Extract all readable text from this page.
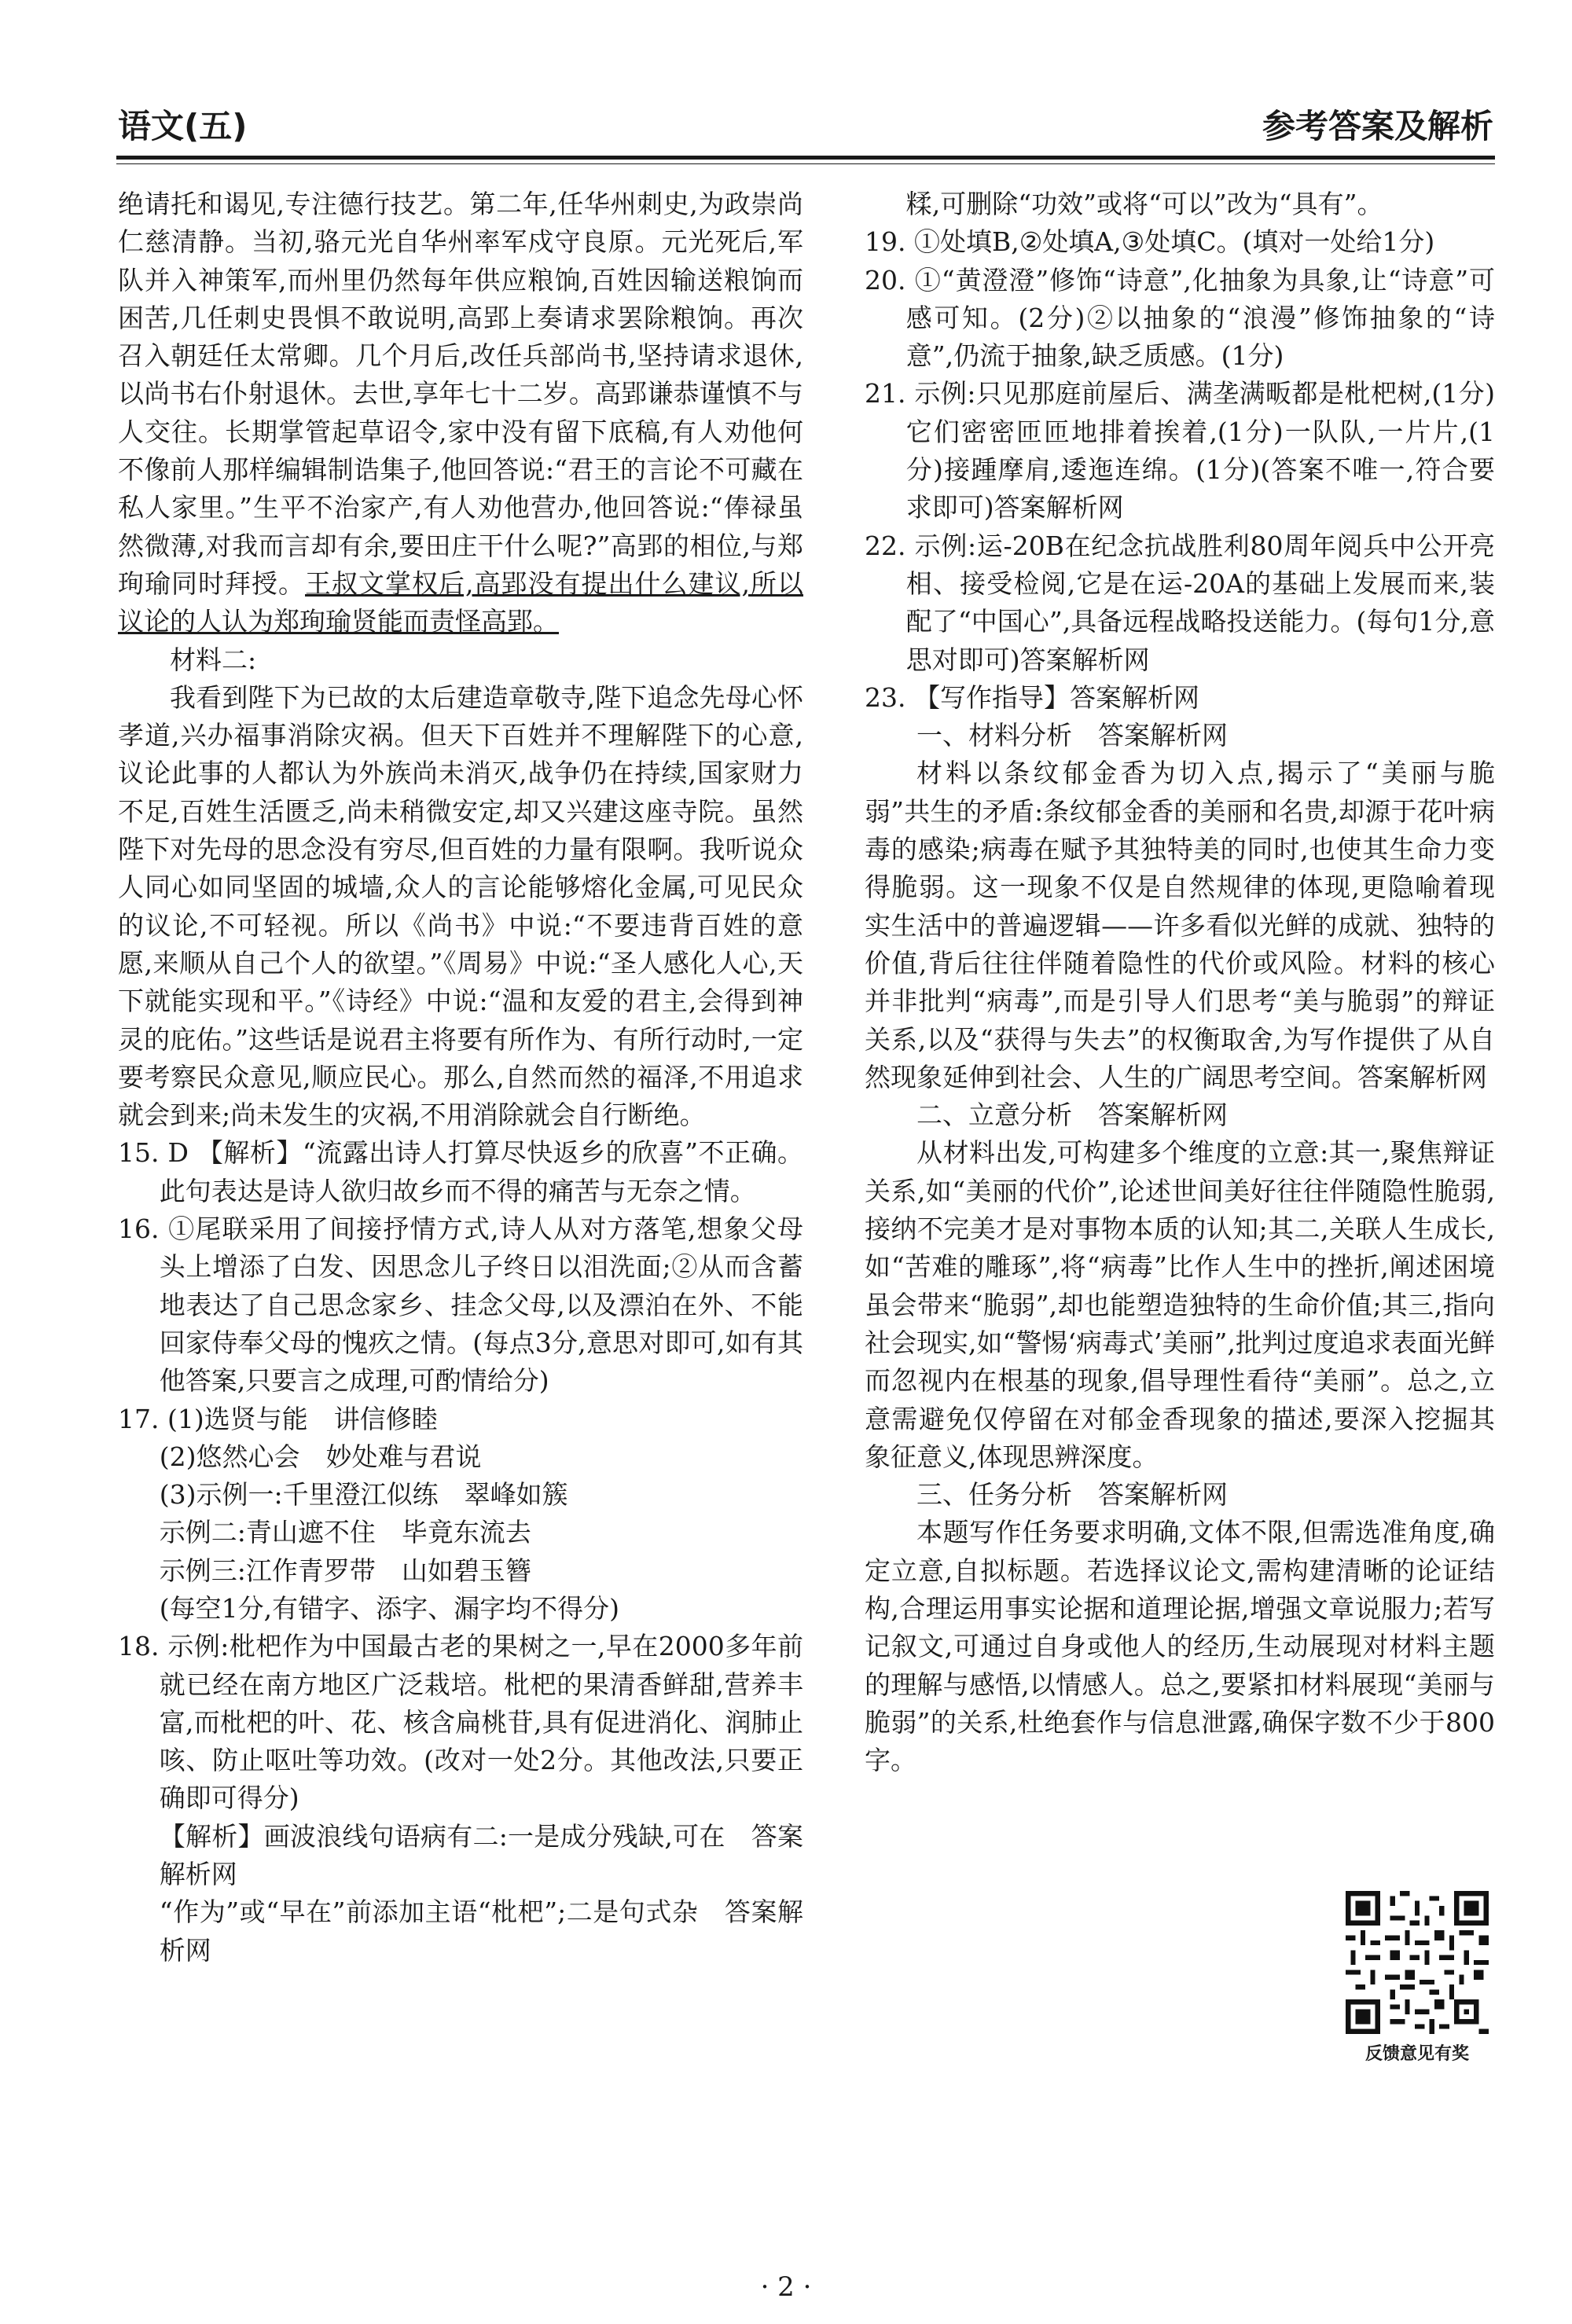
语文(五)	参考答案及解析

绝请托和谒见,专注德行技艺。第二年,任华州刺史,为政崇尚仁慈清静。当初,骆元光自华州率军戍守良原。元光死后,军队并入神策军,而州里仍然每年供应粮饷,百姓因输送粮饷而困苦,几任刺史畏惧不敢说明,高郢上奏请求罢除粮饷。再次召入朝廷任太常卿。几个月后,改任兵部尚书,坚持请求退休,以尚书右仆射退休。去世,享年七十二岁。高郢谦恭谨慎不与人交往。长期掌管起草诏令,家中没有留下底稿,有人劝他何不像前人那样编辑制诰集子,他回答说:“君王的言论不可藏在私人家里。”生平不治家产,有人劝他营办,他回答说:“俸禄虽然微薄,对我而言却有余,要田庄干什么呢?”高郢的相位,与郑珣瑜同时拜授。王叔文掌权后,高郢没有提出什么建议,所以议论的人认为郑珣瑜贤能而责怪高郢。

材料二:

我看到陛下为已故的太后建造章敬寺,陛下追念先母心怀孝道,兴办福事消除灾祸。但天下百姓并不理解陛下的心意,议论此事的人都认为外族尚未消灭,战争仍在持续,国家财力不足,百姓生活匮乏,尚未稍微安定,却又兴建这座寺院。虽然陛下对先母的思念没有穷尽,但百姓的力量有限啊。我听说众人同心如同坚固的城墙,众人的言论能够熔化金属,可见民众的议论,不可轻视。所以《尚书》中说:“不要违背百姓的意愿,来顺从自己个人的欲望。”《周易》中说:“圣人感化人心,天下就能实现和平。”《诗经》中说:“温和友爱的君主,会得到神灵的庇佑。”这些话是说君主将要有所作为、有所行动时,一定要考察民众意见,顺应民心。那么,自然而然的福泽,不用追求就会到来;尚未发生的灾祸,不用消除就会自行断绝。

15. D 【解析】“流露出诗人打算尽快返乡的欣喜”不正确。此句表达是诗人欲归故乡而不得的痛苦与无奈之情。

16. ①尾联采用了间接抒情方式,诗人从对方落笔,想象父母头上增添了白发、因思念儿子终日以泪洗面;②从而含蓄地表达了自己思念家乡、挂念父母,以及漂泊在外、不能回家侍奉父母的愧疚之情。(每点3分,意思对即可,如有其他答案,只要言之成理,可酌情给分)

17. (1)选贤与能　讲信修睦

(2)悠然心会　妙处难与君说

(3)示例一:千里澄江似练　翠峰如簇

示例二:青山遮不住　毕竟东流去

示例三:江作青罗带　山如碧玉簪

(每空1分,有错字、添字、漏字均不得分)

18. 示例:枇杷作为中国最古老的果树之一,早在2000多年前就已经在南方地区广泛栽培。枇杷的果清香鲜甜,营养丰富,而枇杷的叶、花、核含扁桃苷,具有促进消化、润肺止咳、防止呕吐等功效。(改对一处2分。其他改法,只要正确即可得分)

【解析】画波浪线句语病有二:一是成分残缺,可在　答案解析网

“作为”或“早在”前添加主语“枇杷”;二是句式杂　答案解析网

糅,可删除“功效”或将“可以”改为“具有”。

19. ①处填B,②处填A,③处填C。(填对一处给1分)

20. ①“黄澄澄”修饰“诗意”,化抽象为具象,让“诗意”可感可知。(2分)②以抽象的“浪漫”修饰抽象的“诗意”,仍流于抽象,缺乏质感。(1分)

21. 示例:只见那庭前屋后、满垄满畈都是枇杷树,(1分)它们密密匝匝地排着挨着,(1分)一队队,一片片,(1分)接踵摩肩,逶迤连绵。(1分)(答案不唯一,符合要求即可)答案解析网

22. 示例:运-20B在纪念抗战胜利80周年阅兵中公开亮相、接受检阅,它是在运-20A的基础上发展而来,装配了“中国心”,具备远程战略投送能力。(每句1分,意思对即可)答案解析网

23. 【写作指导】答案解析网

一、材料分析　答案解析网

材料以条纹郁金香为切入点,揭示了“美丽与脆弱”共生的矛盾:条纹郁金香的美丽和名贵,却源于花叶病毒的感染;病毒在赋予其独特美的同时,也使其生命力变得脆弱。这一现象不仅是自然规律的体现,更隐喻着现实生活中的普遍逻辑——许多看似光鲜的成就、独特的价值,背后往往伴随着隐性的代价或风险。材料的核心并非批判“病毒”,而是引导人们思考“美与脆弱”的辩证关系,以及“获得与失去”的权衡取舍,为写作提供了从自然现象延伸到社会、人生的广阔思考空间。答案解析网

二、立意分析　答案解析网

从材料出发,可构建多个维度的立意:其一,聚焦辩证关系,如“美丽的代价”,论述世间美好往往伴随隐性脆弱,接纳不完美才是对事物本质的认知;其二,关联人生成长,如“苦难的雕琢”,将“病毒”比作人生中的挫折,阐述困境虽会带来“脆弱”,却也能塑造独特的生命价值;其三,指向社会现实,如“警惕‘病毒式’美丽”,批判过度追求表面光鲜而忽视内在根基的现象,倡导理性看待“美丽”。总之,立意需避免仅停留在对郁金香现象的描述,要深入挖掘其象征意义,体现思辨深度。

三、任务分析　答案解析网

本题写作任务要求明确,文体不限,但需选准角度,确定立意,自拟标题。若选择议论文,需构建清晰的论证结构,合理运用事实论据和道理论据,增强文章说服力;若写记叙文,可通过自身或他人的经历,生动展现对材料主题的理解与感悟,以情感人。总之,要紧扣材料展现“美丽与脆弱”的关系,杜绝套作与信息泄露,确保字数不少于800字。

反馈意见有奖
· 2 ·
